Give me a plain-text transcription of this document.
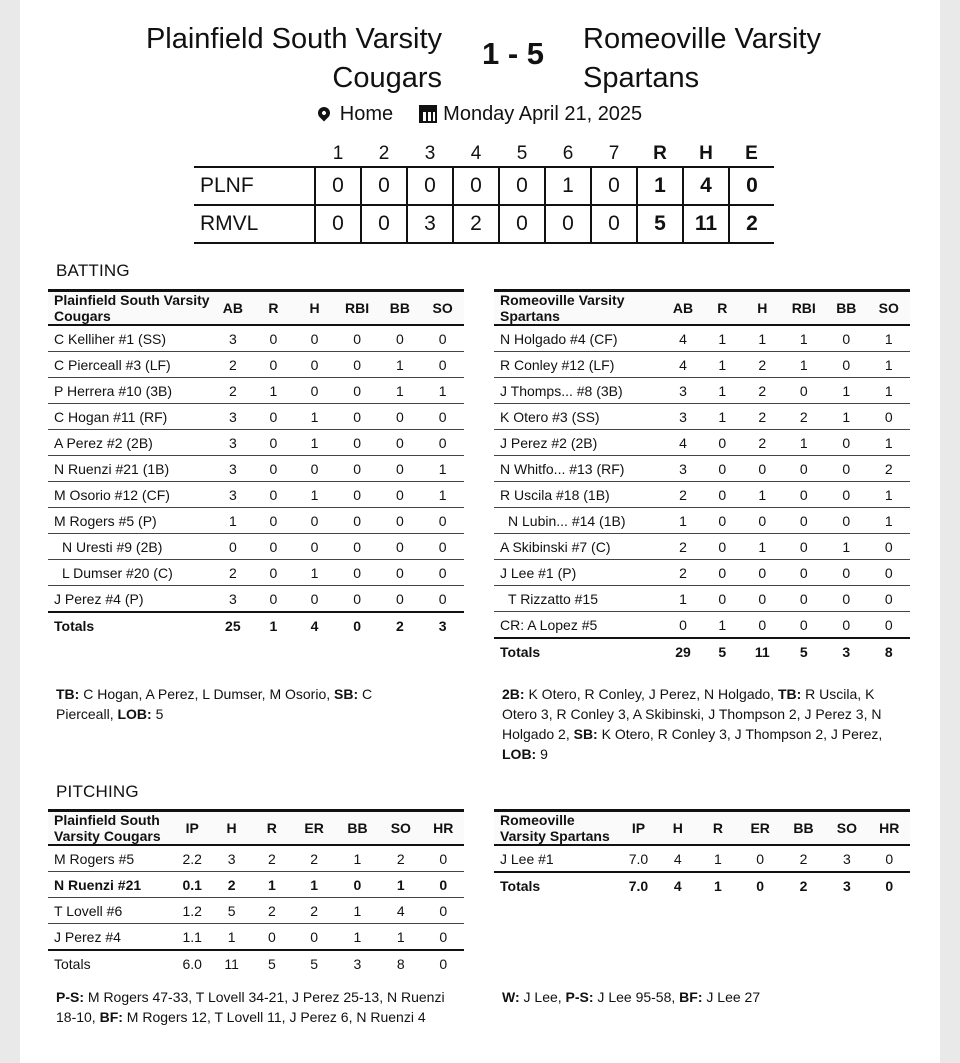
Plainfield South Varsity
Cougars
1 - 5	Romeoville Varsity
Spartans
Home	Monday April 21, 2025
	1	2	3	4	5	6	7	R	H	E
PLNF	0	0	0	0	0	1	0	1	4	0
RMVL	0	0	3	2	0	0	0	5	11	2
BATTING
Plainfield South Varsity Cougars	AB	R	H	RBI	BB	SO
C Kelliher #1 (SS)	3	0	0	0	0	0
C Pierceall #3 (LF)	2	0	0	0	1	0
P Herrera #10 (3B)	2	1	0	0	1	1
C Hogan #11 (RF)	3	0	1	0	0	0
A Perez #2 (2B)	3	0	1	0	0	0
N Ruenzi #21 (1B)	3	0	0	0	0	1
M Osorio #12 (CF)	3	0	1	0	0	1
M Rogers #5 (P)	1	0	0	0	0	0
N Uresti #9 (2B)	0	0	0	0	0	0
L Dumser #20 (C)	2	0	1	0	0	0
J Perez #4 (P)	3	0	0	0	0	0
Totals	25	1	4	0	2	3
Romeoville Varsity Spartans	AB	R	H	RBI	BB	SO
N Holgado #4 (CF)	4	1	1	1	0	1
R Conley #12 (LF)	4	1	2	1	0	1
J Thomps... #8 (3B)	3	1	2	0	1	1
K Otero #3 (SS)	3	1	2	2	1	0
J Perez #2 (2B)	4	0	2	1	0	1
N Whitfo... #13 (RF)	3	0	0	0	0	2
R Uscila #18 (1B)	2	0	1	0	0	1
N Lubin... #14 (1B)	1	0	0	0	0	1
A Skibinski #7 (C)	2	0	1	0	1	0
J Lee #1 (P)	2	0	0	0	0	0
T Rizzatto #15	1	0	0	0	0	0
CR: A Lopez #5	0	1	0	0	0	0
Totals	29	5	11	5	3	8
TB: C Hogan, A Perez, L Dumser, M Osorio, SB: C Pierceall, LOB: 5
2B: K Otero, R Conley, J Perez, N Holgado, TB: R Uscila, K Otero 3, R Conley 3, A Skibinski, J Thompson 2, J Perez 3, N Holgado 2, SB: K Otero, R Conley 3, J Thompson 2, J Perez, LOB: 9
PITCHING
Plainfield South Varsity Cougars	IP	H	R	ER	BB	SO	HR
M Rogers #5	2.2	3	2	2	1	2	0
N Ruenzi #21	0.1	2	1	1	0	1	0
T Lovell #6	1.2	5	2	2	1	4	0
J Perez #4	1.1	1	0	0	1	1	0
Totals	6.0	11	5	5	3	8	0
Romeoville Varsity Spartans	IP	H	R	ER	BB	SO	HR
J Lee #1	7.0	4	1	0	2	3	0
Totals	7.0	4	1	0	2	3	0
P-S: M Rogers 47-33, T Lovell 34-21, J Perez 25-13, N Ruenzi 18-10, BF: M Rogers 12, T Lovell 11, J Perez 6, N Ruenzi 4
W: J Lee, P-S: J Lee 95-58, BF: J Lee 27
